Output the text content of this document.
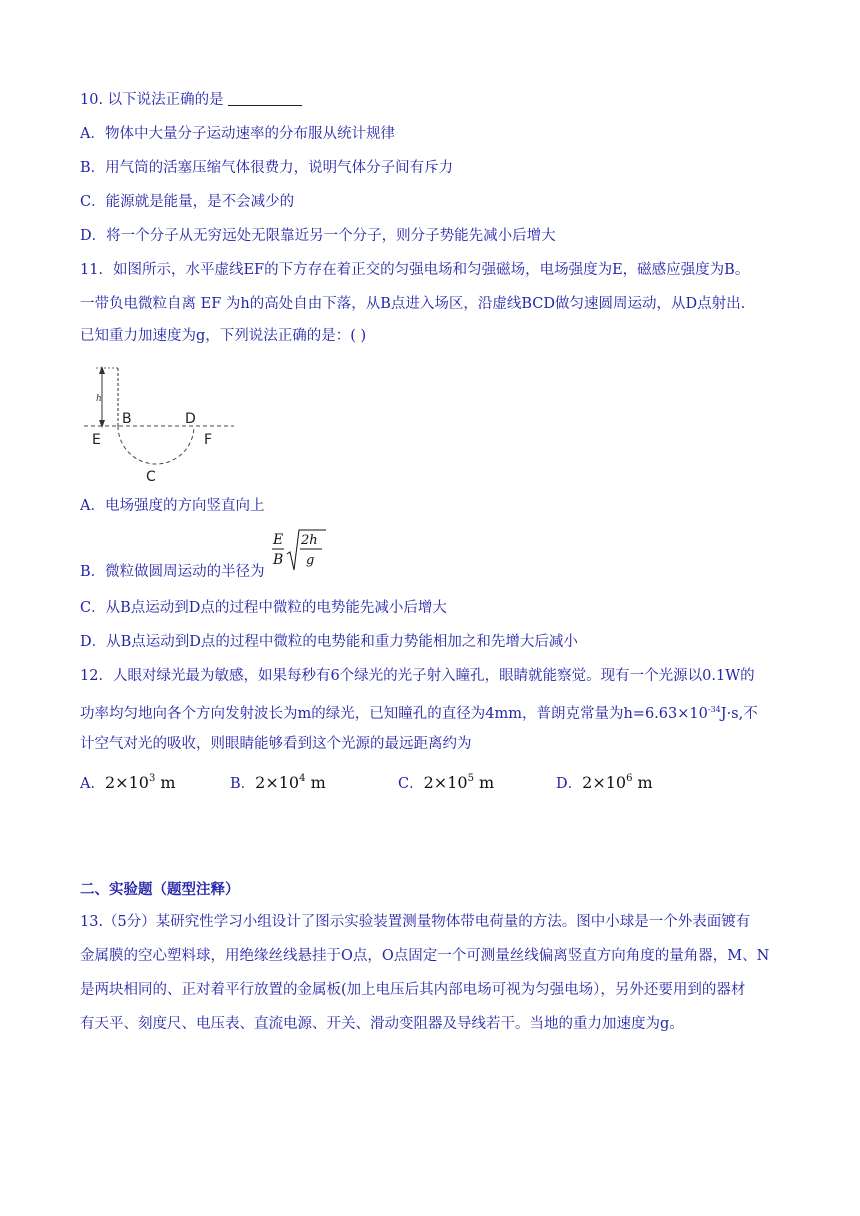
10. 以下说法正确的是
A．物体中大量分子运动速率的分布服从统计规律
B．用气筒的活塞压缩气体很费力，说明气体分子间有斥力
C．能源就是能量，是不会减少的
D．将一个分子从无穷远处无限靠近另一个分子，则分子势能先减小后增大
11．如图所示，水平虚线EF的下方存在着正交的匀强电场和匀强磁场，电场强度为E，磁感应强度为B。
一带负电微粒自离 EF 为h的高处自由下落，从B点进入场区，沿虚线BCD做匀速圆周运动，从D点射出.
已知重力加速度为g，下列说法正确的是：( )
h
B	D
E	F
C
A．电场强度的方向竖直向上
B．微粒做圆周运动的半径为
E
B
2h
g
C．从B点运动到D点的过程中微粒的电势能先减小后增大
D．从B点运动到D点的过程中微粒的电势能和重力势能相加之和先增大后减小
12．人眼对绿光最为敏感，如果每秒有6个绿光的光子射入瞳孔，眼睛就能察觉。现有一个光源以0.1W的
功率均匀地向各个方向发射波长为m的绿光，已知瞳孔的直径为4mm，普朗克常量为$h=6.63\times 10^{-34}J\cdot s$,不
计空气对光的吸收，则眼睛能够看到这个光源的最远距离约为
A．$2\times 10^3$ m	B．$2\times 10^4$ m	C．$2\times 10^5$ m	D．$2\times 10^6$ m
二、实验题（题型注释）
13.（5分）某研究性学习小组设计了图示实验装置测量物体带电荷量的方法。图中小球是一个外表面镀有
金属膜的空心塑料球，用绝缘丝线悬挂于O点，O点固定一个可测量丝线偏离竖直方向角度的量角器，M、N
是两块相同的、正对着平行放置的金属板(加上电压后其内部电场可视为匀强电场），另外还要用到的器材
有天平、刻度尺、电压表、直流电源、开关、滑动变阻器及导线若干。当地的重力加速度为g。
